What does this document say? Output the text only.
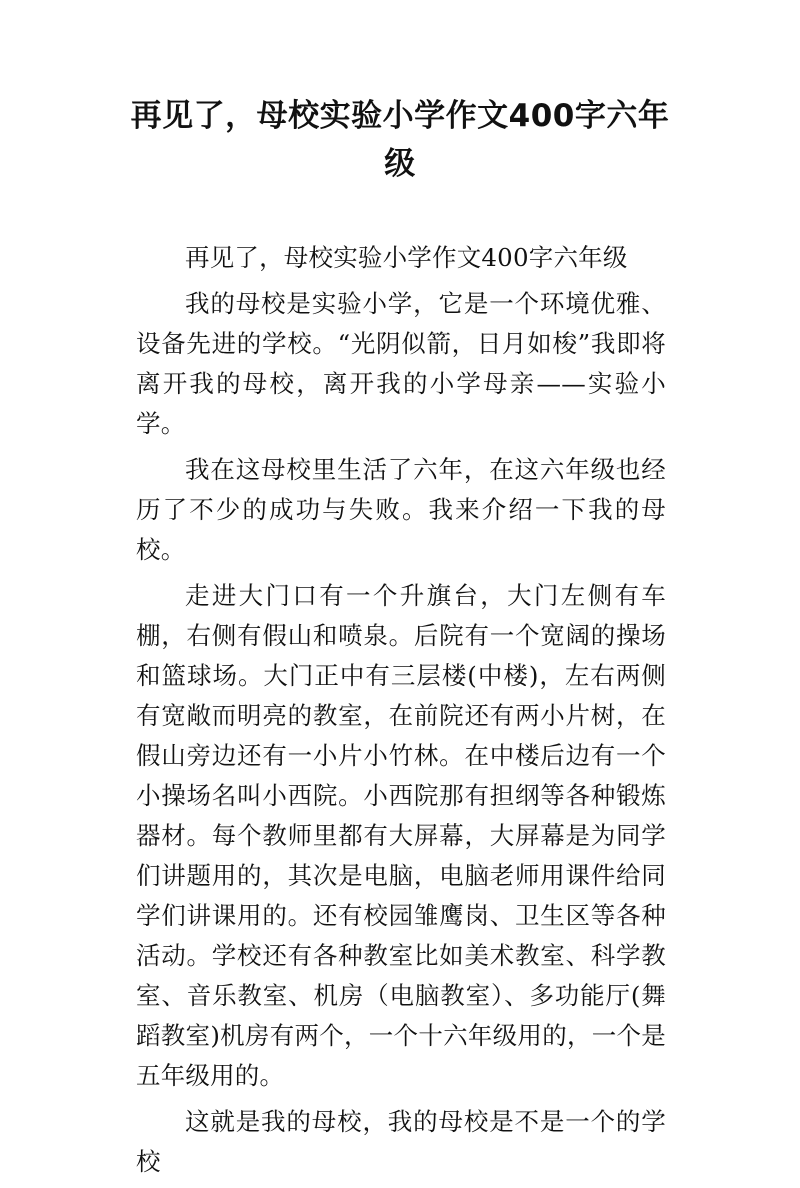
再见了，母校实验小学作文400字六年级

再见了，母校实验小学作文400字六年级

我的母校是实验小学，它是一个环境优雅、设备先进的学校。“光阴似箭，日月如梭”我即将离开我的母校，离开我的小学母亲——实验小学。

我在这母校里生活了六年，在这六年级也经历了不少的成功与失败。我来介绍一下我的母校。

走进大门口有一个升旗台，大门左侧有车棚，右侧有假山和喷泉。后院有一个宽阔的操场和篮球场。大门正中有三层楼(中楼)，左右两侧有宽敞而明亮的教室，在前院还有两小片树，在假山旁边还有一小片小竹林。在中楼后边有一个小操场名叫小西院。小西院那有担纲等各种锻炼器材。每个教师里都有大屏幕，大屏幕是为同学们讲题用的，其次是电脑，电脑老师用课件给同学们讲课用的。还有校园雏鹰岗、卫生区等各种活动。学校还有各种教室比如美术教室、科学教室、音乐教室、机房（电脑教室）、多功能厅(舞蹈教室)机房有两个，一个十六年级用的，一个是五年级用的。

这就是我的母校，我的母校是不是一个的学校
